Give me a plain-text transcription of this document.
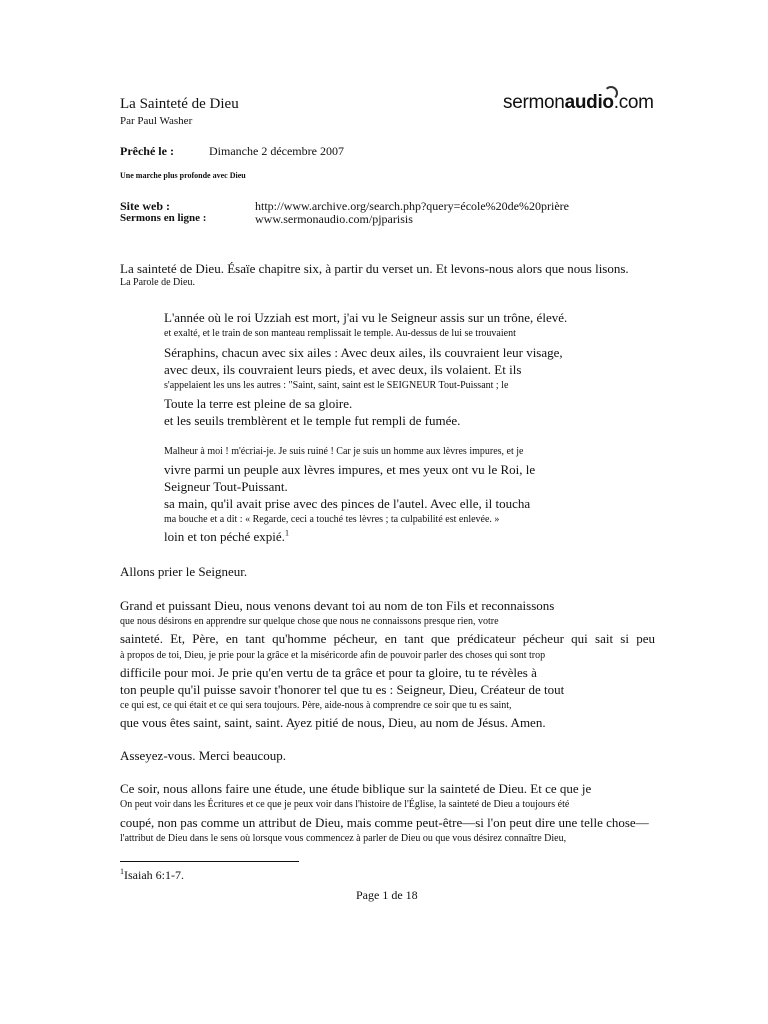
La Sainteté de Dieu
Par Paul Washer
sermonaudio.com
Prêché le :	Dimanche 2 décembre 2007
Une marche plus profonde avec Dieu
Site web :	http://www.archive.org/search.php?query=école%20de%20prière
Sermons en ligne :	www.sermonaudio.com/pjparisis
La sainteté de Dieu. Ésaïe chapitre six, à partir du verset un. Et levons-nous alors que nous lisons.
La Parole de Dieu.
L'année où le roi Uzziah est mort, j'ai vu le Seigneur assis sur un trône, élevé.
et exalté, et le train de son manteau remplissait le temple. Au-dessus de lui se trouvaient
Séraphins, chacun avec six ailes : Avec deux ailes, ils couvraient leur visage,
avec deux, ils couvraient leurs pieds, et avec deux, ils volaient. Et ils
s'appelaient les uns les autres : "Saint, saint, saint est le SEIGNEUR Tout-Puissant ; le
Toute la terre est pleine de sa gloire.
et les seuils tremblèrent et le temple fut rempli de fumée.
Malheur à moi ! m'écriai-je. Je suis ruiné ! Car je suis un homme aux lèvres impures, et je
vivre parmi un peuple aux lèvres impures, et mes yeux ont vu le Roi, le
Seigneur Tout-Puissant.
sa main, qu'il avait prise avec des pinces de l'autel. Avec elle, il toucha
ma bouche et a dit : « Regarde, ceci a touché tes lèvres ; ta culpabilité est enlevée. »
loin et ton péché expié.$^1$
Allons prier le Seigneur.
Grand et puissant Dieu, nous venons devant toi au nom de ton Fils et reconnaissons
que nous désirons en apprendre sur quelque chose que nous ne connaissons presque rien, votre
sainteté. Et, Père, en tant qu'homme pécheur, en tant que prédicateur pécheur qui sait si peu
à propos de toi, Dieu, je prie pour la grâce et la miséricorde afin de pouvoir parler des choses qui sont trop
difficile pour moi. Je prie qu'en vertu de ta grâce et pour ta gloire, tu te révèles à
ton peuple qu'il puisse savoir t'honorer tel que tu es : Seigneur, Dieu, Créateur de tout
ce qui est, ce qui était et ce qui sera toujours. Père, aide-nous à comprendre ce soir que tu es saint,
que vous êtes saint, saint, saint. Ayez pitié de nous, Dieu, au nom de Jésus. Amen.
Asseyez-vous. Merci beaucoup.
Ce soir, nous allons faire une étude, une étude biblique sur la sainteté de Dieu. Et ce que je
On peut voir dans les Écritures et ce que je peux voir dans l'histoire de l'Église, la sainteté de Dieu a toujours été
coupé, non pas comme un attribut de Dieu, mais comme peut-être—si l'on peut dire une telle chose—
l'attribut de Dieu dans le sens où lorsque vous commencez à parler de Dieu ou que vous désirez connaître Dieu,
$^1$Isaiah 6:1-7.
Page 1 de 18
